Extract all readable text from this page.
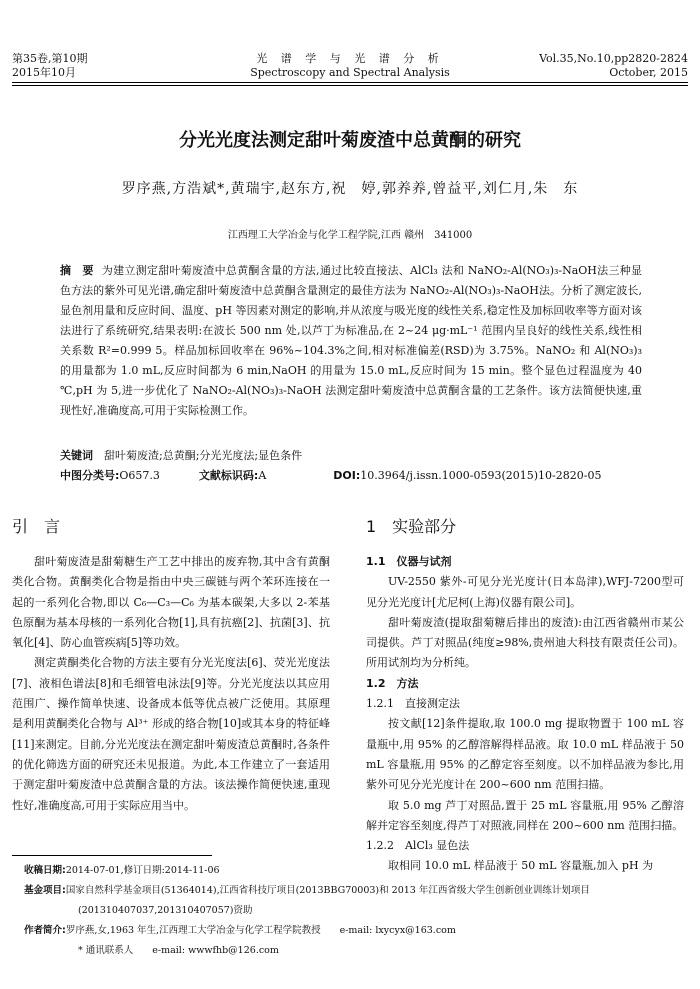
第35卷,第10期
2015年10月
光 谱 学 与 光 谱 分 析
Spectroscopy and Spectral Analysis
Vol.35,No.10,pp2820-2824
October, 2015
分光光度法测定甜叶菊废渣中总黄酮的研究
罗序燕,方浩斌*,黄瑞宇,赵东方,祝　婷,郭养养,曾益平,刘仁月,朱　东
江西理工大学冶金与化学工程学院,江西 赣州　341000
摘　要 为建立测定甜叶菊废渣中总黄酮含量的方法,通过比较直接法、AlCl₃ 法和 NaNO₂-Al(NO₃)₃-NaOH法三种显色方法的紫外可见光谱,确定甜叶菊废渣中总黄酮含量测定的最佳方法为 NaNO₂-Al(NO₃)₃-NaOH法。分析了测定波长,显色剂用量和反应时间、温度、pH 等因素对测定的影响,并从浓度与吸光度的线性关系,稳定性及加标回收率等方面对该法进行了系统研究,结果表明:在波长 500 nm 处,以芦丁为标准品,在 2~24 μg·mL⁻¹ 范围内呈良好的线性关系,线性相关系数 R²=0.999 5。样品加标回收率在 96%~104.3%之间,相对标准偏差(RSD)为 3.75%。NaNO₂ 和 Al(NO₃)₃ 的用量都为 1.0 mL,反应时间都为 6 min,NaOH 的用量为 15.0 mL,反应时间为 15 min。整个显色过程温度为 40 ℃,pH 为 5,进一步优化了 NaNO₂-Al(NO₃)₃-NaOH 法测定甜叶菊废渣中总黄酮含量的工艺条件。该方法简便快速,重现性好,准确度高,可用于实际检测工作。
关键词　 甜叶菊废渣;总黄酮;分光光度法;显色条件
中图分类号:O657.3	文献标识码:A	DOI:10.3964/j.issn.1000-0593(2015)10-2820-05
引　言

甜叶菊废渣是甜菊糖生产工艺中排出的废弃物,其中含有黄酮类化合物。黄酮类化合物是指由中央三碳链与两个苯环连接在一起的一系列化合物,即以 C₆—C₃—C₆ 为基本碳架,大多以 2-苯基色原酮为基本母核的一系列化合物[1],具有抗癌[2]、抗菌[3]、抗氧化[4]、防心血管疾病[5]等功效。

测定黄酮类化合物的方法主要有分光光度法[6]、荧光光度法[7]、液相色谱法[8]和毛细管电泳法[9]等。分光光度法以其应用范围广、操作简单快速、设备成本低等优点被广泛使用。其原理是利用黄酮类化合物与 Al³⁺ 形成的络合物[10]或其本身的特征峰[11]来测定。目前,分光光度法在测定甜叶菊废渣总黄酮时,各条件的优化筛选方面的研究还未见报道。为此,本工作建立了一套适用于测定甜叶菊废渣中总黄酮含量的方法。该法操作简便快速,重现性好,准确度高,可用于实际应用当中。

1　实验部分
1.1　仪器与试剂

UV-2550 紫外-可见分光光度计(日本岛津),WFJ-7200型可见分光光度计[尤尼柯(上海)仪器有限公司]。

甜叶菊废渣(提取甜菊糖后排出的废渣):由江西省赣州市某公司提供。芦丁对照品(纯度≥98%,贵州迪大科技有限责任公司)。所用试剂均为分析纯。

1.2　方法
1.2.1　直接测定法

按文献[12]条件提取,取 100.0 mg 提取物置于 100 mL 容量瓶中,用 95% 的乙醇溶解得样品液。取 10.0 mL 样品液于 50 mL 容量瓶,用 95% 的乙醇定容至刻度。以不加样品液为参比,用紫外可见分光光度计在 200~600 nm 范围扫描。

取 5.0 mg 芦丁对照品,置于 25 mL 容量瓶,用 95% 乙醇溶解并定容至刻度,得芦丁对照液,同样在 200~600 nm 范围扫描。

1.2.2　AlCl₃ 显色法

取相同 10.0 mL 样品液于 50 mL 容量瓶,加入 pH 为

收稿日期:2014-07-01,修订日期:2014-11-06
基金项目:国家自然科学基金项目(51364014),江西省科技厅项目(2013BBG70003)和 2013 年江西省级大学生创新创业训练计划项目
(201310407037,201310407057)资助
作者简介:罗序燕,女,1963 年生,江西理工大学冶金与化学工程学院教授　　e-mail: lxycyx@163.com
* 通讯联系人　　e-mail: wwwfhb@126.com
